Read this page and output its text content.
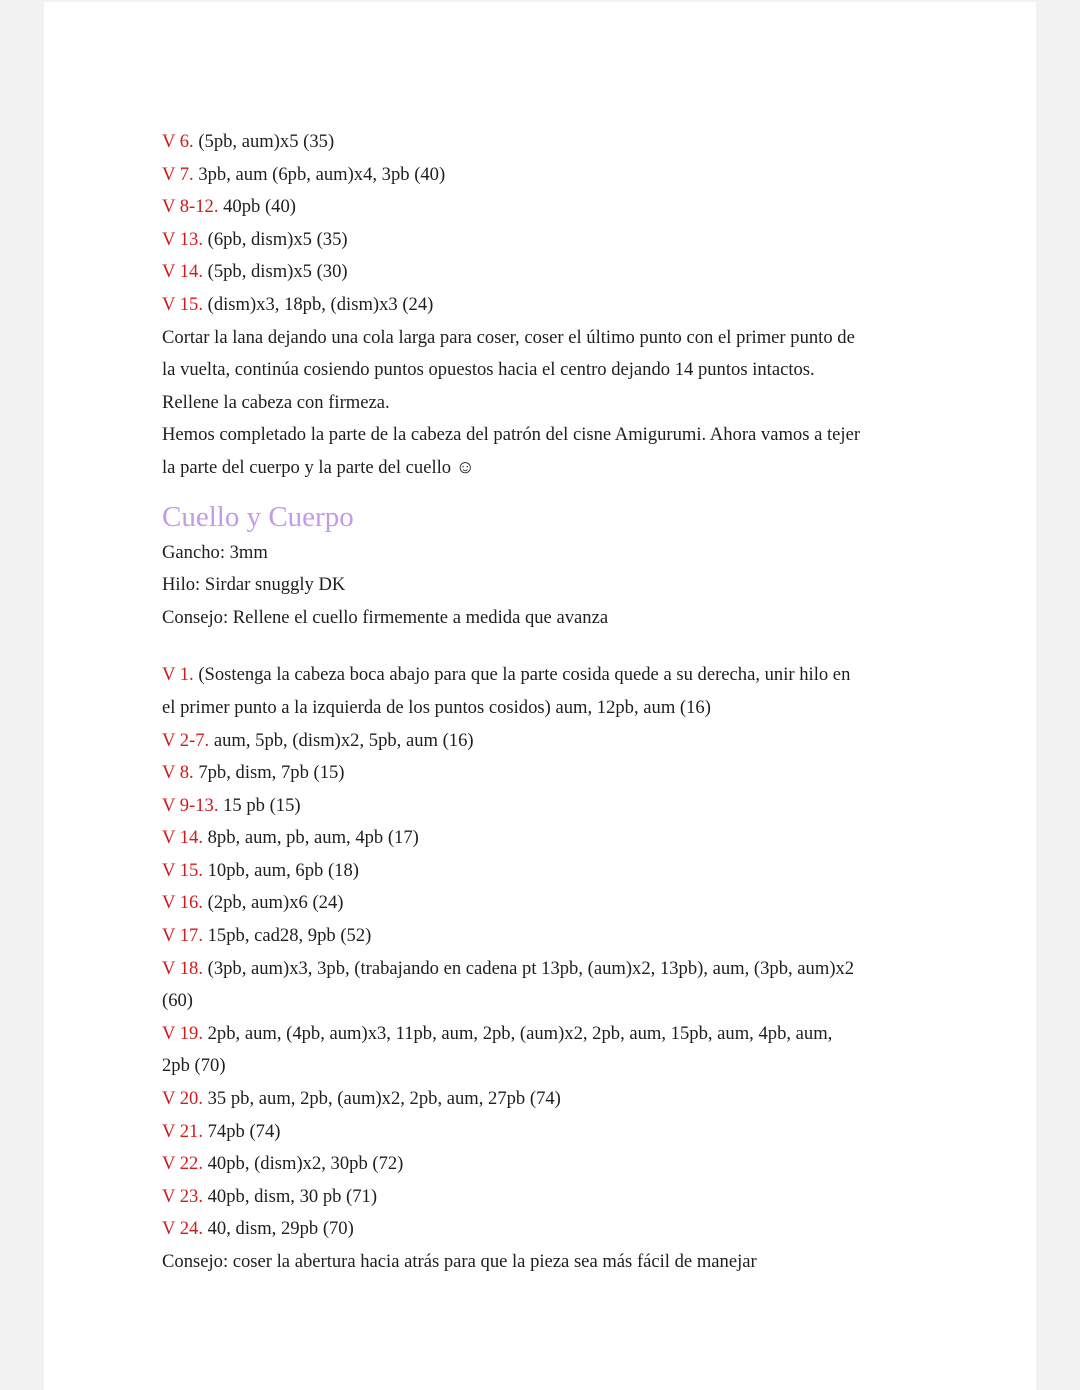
V 6. (5pb, aum)x5 (35)
V 7. 3pb, aum (6pb, aum)x4, 3pb (40)
V 8-12. 40pb (40)
V 13. (6pb, dism)x5 (35)
V 14. (5pb, dism)x5 (30)
V 15. (dism)x3, 18pb, (dism)x3 (24)
Cortar la lana dejando una cola larga para coser, coser el último punto con el primer punto de
la vuelta, continúa cosiendo puntos opuestos hacia el centro dejando 14 puntos intactos.
Rellene la cabeza con firmeza.
Hemos completado la parte de la cabeza del patrón del cisne Amigurumi. Ahora vamos a tejer
la parte del cuerpo y la parte del cuello ☺
Cuello y Cuerpo
Gancho: 3mm
Hilo: Sirdar snuggly DK
Consejo: Rellene el cuello firmemente a medida que avanza
V 1. (Sostenga la cabeza boca abajo para que la parte cosida quede a su derecha, unir hilo en
el primer punto a la izquierda de los puntos cosidos) aum, 12pb, aum (16)
V 2-7. aum, 5pb, (dism)x2, 5pb, aum (16)
V 8. 7pb, dism, 7pb (15)
V 9-13. 15 pb (15)
V 14. 8pb, aum, pb, aum, 4pb (17)
V 15. 10pb, aum, 6pb (18)
V 16. (2pb, aum)x6 (24)
V 17. 15pb, cad28, 9pb (52)
V 18. (3pb, aum)x3, 3pb, (trabajando en cadena pt 13pb, (aum)x2, 13pb), aum, (3pb, aum)x2
(60)
V 19. 2pb, aum, (4pb, aum)x3, 11pb, aum, 2pb, (aum)x2, 2pb, aum, 15pb, aum, 4pb, aum,
2pb (70)
V 20. 35 pb, aum, 2pb, (aum)x2, 2pb, aum, 27pb (74)
V 21. 74pb (74)
V 22. 40pb, (dism)x2, 30pb (72)
V 23. 40pb, dism, 30 pb (71)
V 24. 40, dism, 29pb (70)
Consejo: coser la abertura hacia atrás para que la pieza sea más fácil de manejar
